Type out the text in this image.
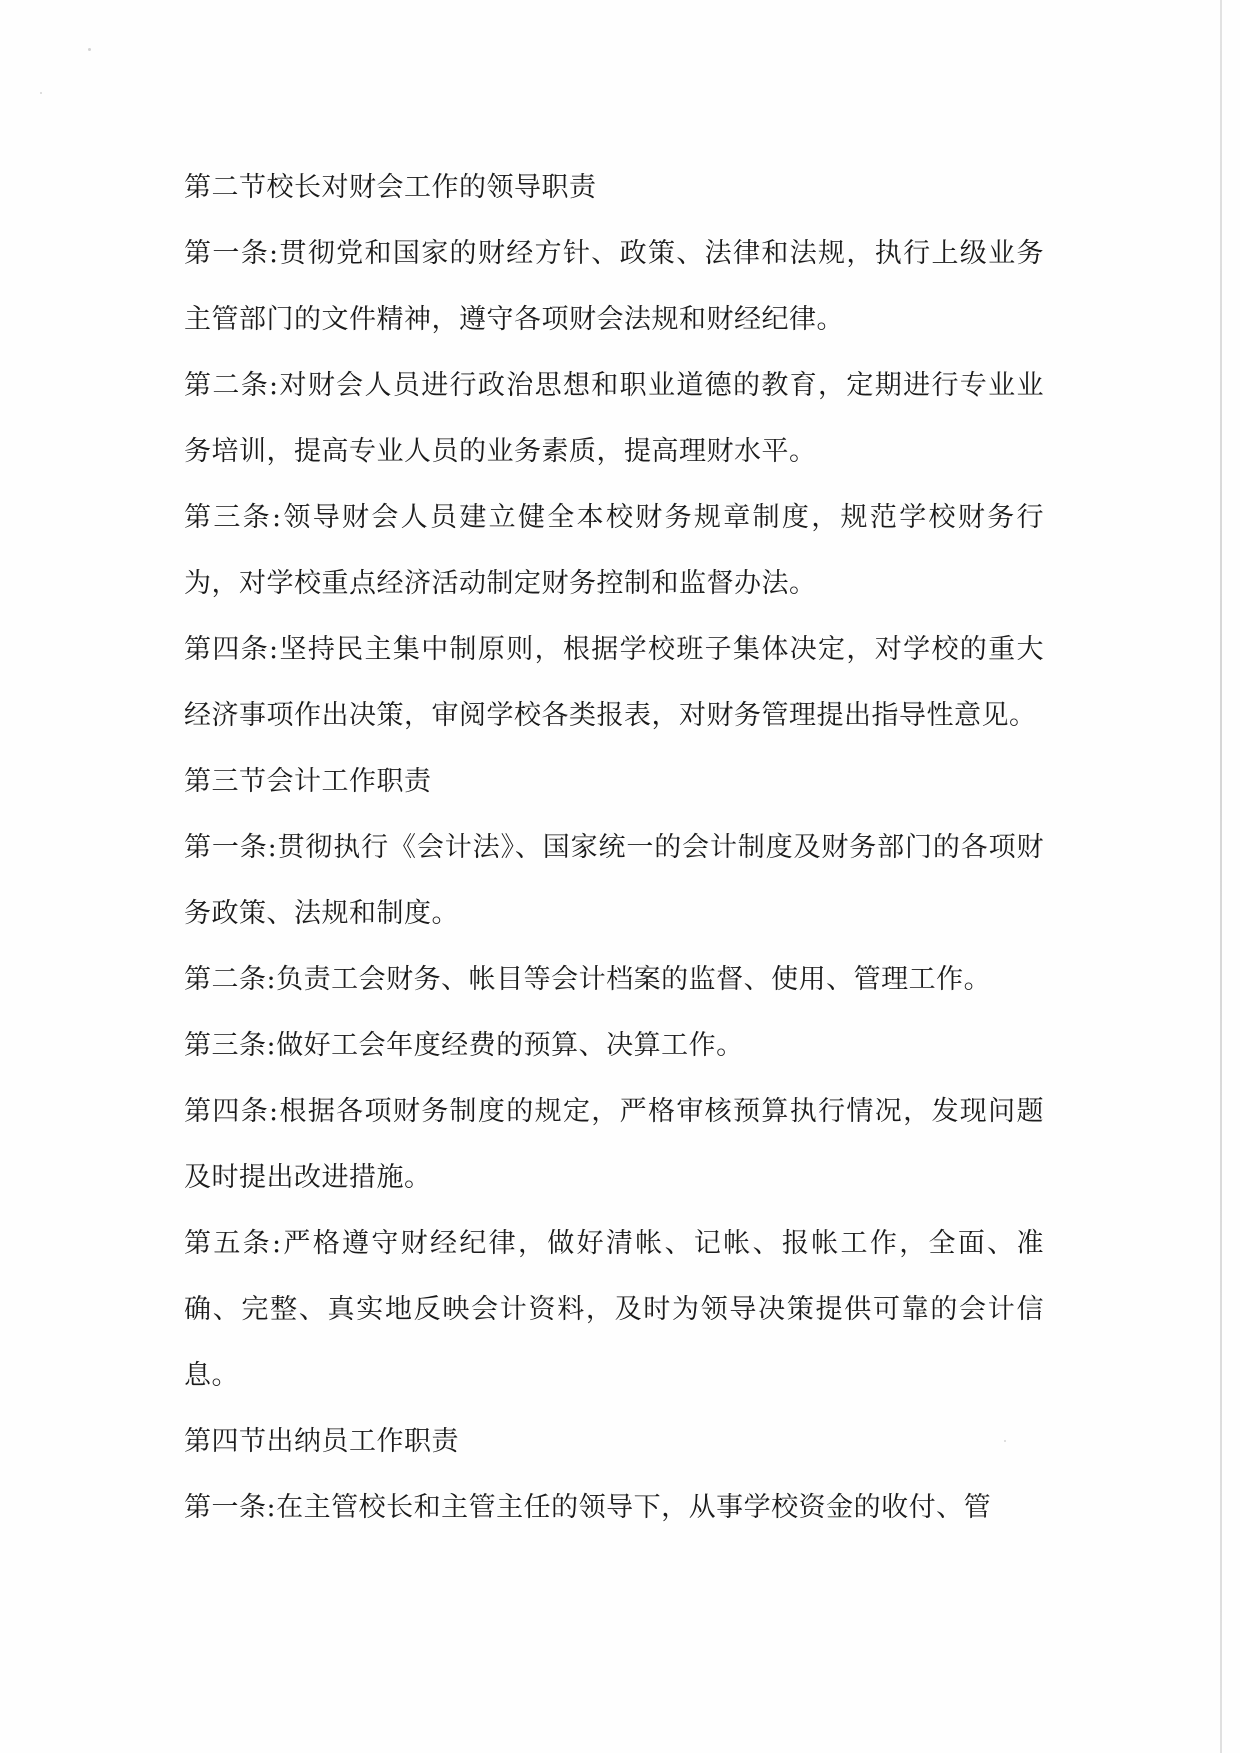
第二节校长对财会工作的领导职责

第一条:贯彻党和国家的财经方针、政策、法律和法规，执行上级业务主管部门的文件精神，遵守各项财会法规和财经纪律。

第二条:对财会人员进行政治思想和职业道德的教育，定期进行专业业务培训，提高专业人员的业务素质，提高理财水平。

第三条:领导财会人员建立健全本校财务规章制度，规范学校财务行为，对学校重点经济活动制定财务控制和监督办法。

第四条:坚持民主集中制原则，根据学校班子集体决定，对学校的重大经济事项作出决策，审阅学校各类报表，对财务管理提出指导性意见。

第三节会计工作职责

第一条:贯彻执行《会计法》、国家统一的会计制度及财务部门的各项财务政策、法规和制度。

第二条:负责工会财务、帐目等会计档案的监督、使用、管理工作。

第三条:做好工会年度经费的预算、决算工作。

第四条:根据各项财务制度的规定，严格审核预算执行情况，发现问题及时提出改进措施。

第五条:严格遵守财经纪律，做好清帐、记帐、报帐工作，全面、准确、完整、真实地反映会计资料，及时为领导决策提供可靠的会计信息。

第四节出纳员工作职责

第一条:在主管校长和主管主任的领导下，从事学校资金的收付、管
